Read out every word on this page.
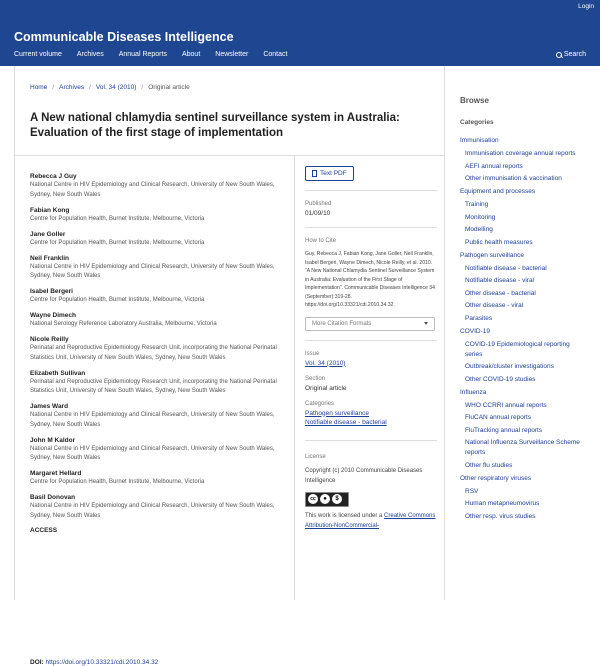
Login
Communicable Diseases Intelligence
Current volume Archives Annual Reports About Newsletter Contact	Search
Home / Archives / Vol. 34 (2010) / Original article
A New national chlamydia sentinel surveillance system in Australia: Evaluation of the first stage of implementation
Rebecca J Guy
National Centre in HIV Epidemiology and Clinical Research, University of New South Wales, Sydney, New South Wales
Fabian Kong
Centre for Population Health, Burnet Institute, Melbourne, Victoria
Jane Goller
Centre for Population Health, Burnet Institute, Melbourne, Victoria
Neil Franklin
National Centre in HIV Epidemiology and Clinical Research, University of New South Wales, Sydney, New South Wales
Isabel Bergeri
Centre for Population Health, Burnet Institute, Melbourne, Victoria
Wayne Dimech
National Serology Reference Laboratory Australia, Melbourne, Victoria
Nicole Reilly
Perinatal and Reproductive Epidemiology Research Unit, incorporating the National Perinatal Statistics Unit, University of New South Wales, Sydney, New South Wales
Elizabeth Sullivan
Perinatal and Reproductive Epidemiology Research Unit, incorporating the National Perinatal Statistics Unit, University of New South Wales, Sydney, New South Wales
James Ward
National Centre in HIV Epidemiology and Clinical Research, University of New South Wales, Sydney, New South Wales
John M Kaldor
National Centre in HIV Epidemiology and Clinical Research, University of New South Wales, Sydney, New South Wales
Margaret Hellard
Centre for Population Health, Burnet Institute, Melbourne, Victoria
Basil Donovan
National Centre in HIV Epidemiology and Clinical Research, University of New South Wales, Sydney, New South Wales
ACCESS
Text PDF
Published
01/09/10
How to Cite
Guy, Rebecca J, Fabian Kong, Jane Goller, Neil Franklin, Isabel Bergeri, Wayne Dimech, Nicole Reilly, et al. 2010. “A New National Chlamydia Sentinel Surveillance System in Australia: Evaluation of the First Stage of Implementation”. Communicable Diseases Intelligence 34 (September):319-28. https://doi.org/10.33321/cdi.2010.34.32.
More Citation Formats
Issue
Vol. 34 (2010)
Section
Original article
Categories
Pathogen surveillance
Notifiable disease - bacterial
License
Copyright (c) 2010 Communicable Diseases Intelligence
cc	●	$
This work is licensed under a Creative Commons Attribution-NonCommercial-
DOI: https://doi.org/10.33321/cdi.2010.34.32
Browse
Categories
Immunisation
Immunisation coverage annual reports
AEFI annual reports
Other immunisation & vaccination
Equipment and processes
Training
Monitoring
Modelling
Public health measures
Pathogen surveillance
Notifiable disease - bacterial
Notifiable disease - viral
Other disease - bacterial
Other disease - viral
Parasites
COVID-19
COVID-19 Epidemiological reporting series
Outbreak/cluster investigations
Other COVID-19 studies
Influenza
WHO CCRRI annual reports
FluCAN annual reports
FluTracking annual reports
National Influenza Surveillance Scheme reports
Other flu studies
Other respiratory viruses
RSV
Human metapneumovirus
Other resp. virus studies
